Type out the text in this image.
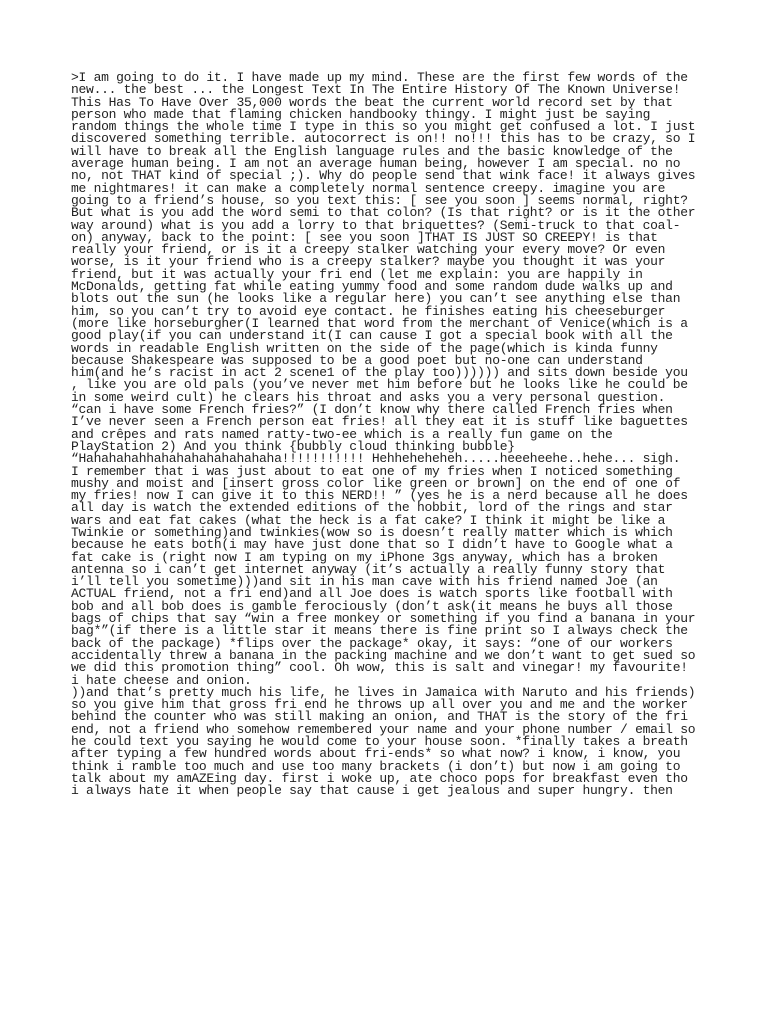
>I am going to do it. I have made up my mind. These are the first few words of the
new... the best ... the Longest Text In The Entire History Of The Known Universe!
This Has To Have Over 35,000 words the beat the current world record set by that
person who made that flaming chicken handbooky thingy. I might just be saying
random things the whole time I type in this so you might get confused a lot. I just
discovered something terrible. autocorrect is on!! no!!! this has to be crazy, so I
will have to break all the English language rules and the basic knowledge of the
average human being. I am not an average human being, however I am special. no no
no, not THAT kind of special ;). Why do people send that wink face! it always gives
me nightmares! it can make a completely normal sentence creepy. imagine you are
going to a friend’s house, so you text this: [ see you soon ] seems normal, right?
But what is you add the word semi to that colon? (Is that right? or is it the other
way around) what is you add a lorry to that briquettes? (Semi-truck to that coal-
on) anyway, back to the point: [ see you soon ]THAT IS JUST SO CREEPY! is that
really your friend, or is it a creepy stalker watching your every move? Or even
worse, is it your friend who is a creepy stalker? maybe you thought it was your
friend, but it was actually your fri end (let me explain: you are happily in
McDonalds, getting fat while eating yummy food and some random dude walks up and
blots out the sun (he looks like a regular here) you can’t see anything else than
him, so you can’t try to avoid eye contact. he finishes eating his cheeseburger
(more like horseburgher(I learned that word from the merchant of Venice(which is a
good play(if you can understand it(I can cause I got a special book with all the
words in readable English written on the side of the page(which is kinda funny
because Shakespeare was supposed to be a good poet but no-one can understand
him(and he’s racist in act 2 scene1 of the play too)))))) and sits down beside you
, like you are old pals (you’ve never met him before but he looks like he could be
in some weird cult) he clears his throat and asks you a very personal question.
“can i have some French fries?” (I don’t know why there called French fries when
I’ve never seen a French person eat fries! all they eat it is stuff like baguettes
and crêpes and rats named ratty-two-ee which is a really fun game on the
PlayStation 2) And you think {bubbly cloud thinking bubble}
“Hahahahahhahahahahahahahaha!!!!!!!!!!! Hehheheheheh.....heeeheehe..hehe... sigh.
I remember that i was just about to eat one of my fries when I noticed something
mushy and moist and [insert gross color like green or brown] on the end of one of
my fries! now I can give it to this NERD!! ” (yes he is a nerd because all he does
all day is watch the extended editions of the hobbit, lord of the rings and star
wars and eat fat cakes (what the heck is a fat cake? I think it might be like a
Twinkie or something)and twinkies(wow so is doesn’t really matter which is which
because he eats both(i may have just done that so I didn’t have to Google what a
fat cake is (right now I am typing on my iPhone 3gs anyway, which has a broken
antenna so i can’t get internet anyway (it’s actually a really funny story that
i’ll tell you sometime)))and sit in his man cave with his friend named Joe (an
ACTUAL friend, not a fri end)and all Joe does is watch sports like football with
bob and all bob does is gamble ferociously (don’t ask(it means he buys all those
bags of chips that say “win a free monkey or something if you find a banana in your
bag*”(if there is a little star it means there is fine print so I always check the
back of the package) *flips over the package* okay, it says: “one of our workers
accidentally threw a banana in the packing machine and we don’t want to get sued so
we did this promotion thing” cool. Oh wow, this is salt and vinegar! my favourite!
i hate cheese and onion.
))and that’s pretty much his life, he lives in Jamaica with Naruto and his friends)
so you give him that gross fri end he throws up all over you and me and the worker
behind the counter who was still making an onion, and THAT is the story of the fri
end, not a friend who somehow remembered your name and your phone number / email so
he could text you saying he would come to your house soon. *finally takes a breath
after typing a few hundred words about fri-ends* so what now? i know, i know, you
think i ramble too much and use too many brackets (i don’t) but now i am going to
talk about my amAZEing day. first i woke up, ate choco pops for breakfast even tho
i always hate it when people say that cause i get jealous and super hungry. then
